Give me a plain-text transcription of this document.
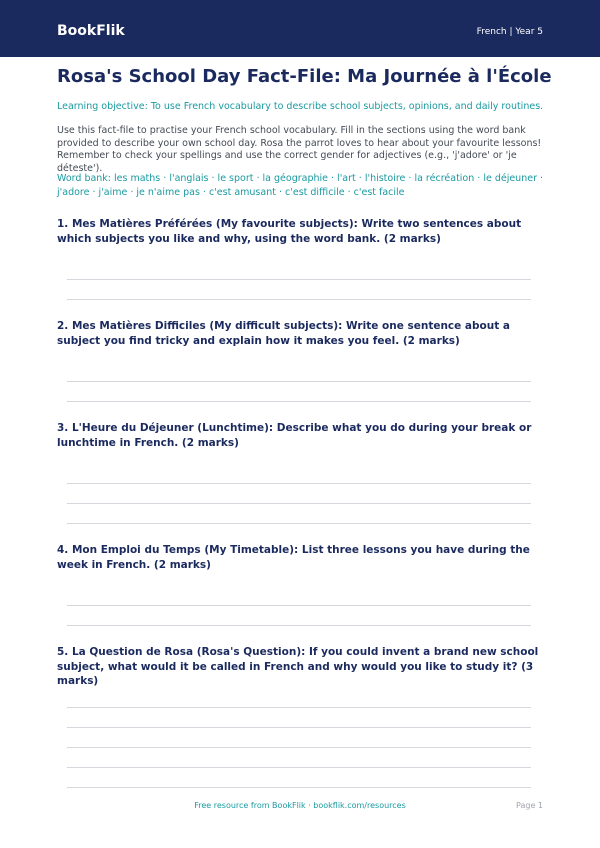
BookFlik	French | Year 5
Rosa's School Day Fact-File: Ma Journée à l'École

Learning objective: To use French vocabulary to describe school subjects, opinions, and daily routines.

Use this fact-file to practise your French school vocabulary. Fill in the sections using the word bank provided to describe your own school day. Rosa the parrot loves to hear about your favourite lessons! Remember to check your spellings and use the correct gender for adjectives (e.g., 'j'adore' or 'je déteste').

Word bank: les maths · l'anglais · le sport · la géographie · l'art · l'histoire · la récréation · le déjeuner · j'adore · j'aime · je n'aime pas · c'est amusant · c'est difficile · c'est facile

1. Mes Matières Préférées (My favourite subjects): Write two sentences about which subjects you like and why, using the word bank. (2 marks)

2. Mes Matières Difficiles (My difficult subjects): Write one sentence about a subject you find tricky and explain how it makes you feel. (2 marks)

3. L'Heure du Déjeuner (Lunchtime): Describe what you do during your break or lunchtime in French. (2 marks)

4. Mon Emploi du Temps (My Timetable): List three lessons you have during the week in French. (2 marks)

5. La Question de Rosa (Rosa's Question): If you could invent a brand new school subject, what would it be called in French and why would you like to study it? (3 marks)

Free resource from BookFlik · bookflik.com/resources	Page 1
